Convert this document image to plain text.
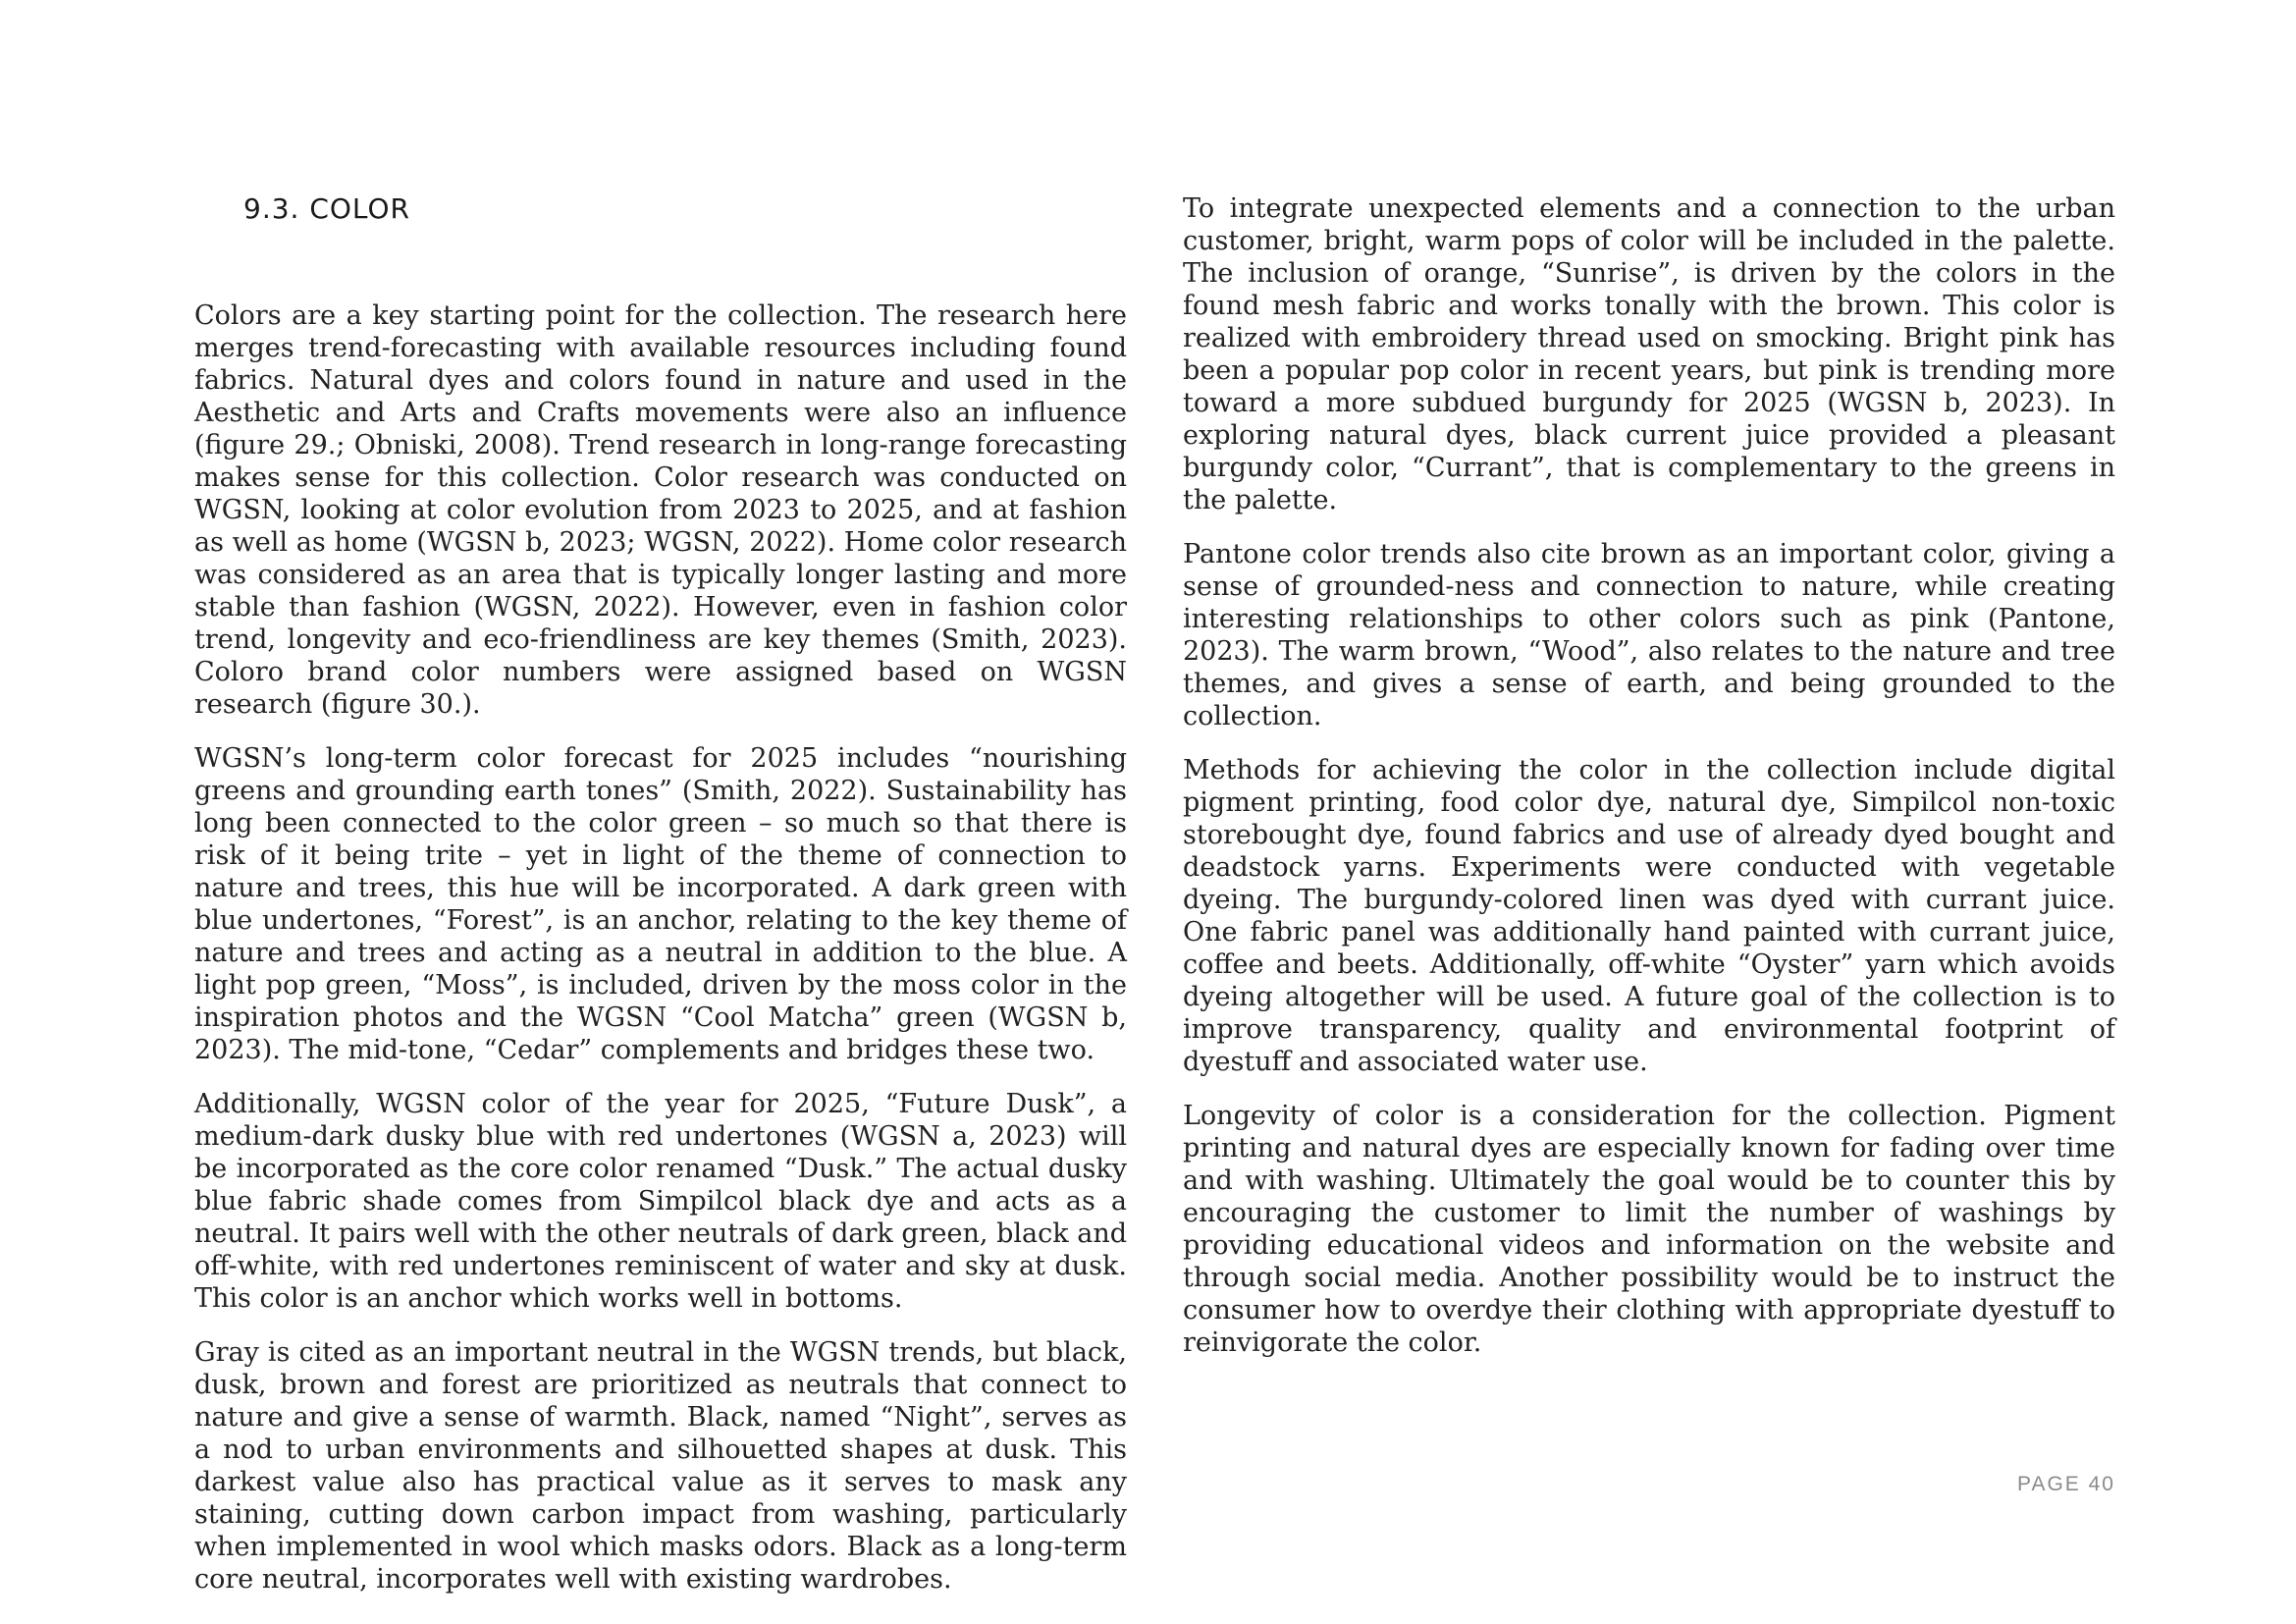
9.3. COLOR

Colors are a key starting point for the collection. The research here merges trend-forecasting with available resources including found fabrics. Natural dyes and colors found in nature and used in the Aesthetic and Arts and Crafts movements were also an influence (figure 29.; Obniski, 2008). Trend research in long-range forecasting makes sense for this collection. Color research was conducted on WGSN, looking at color evolution from 2023 to 2025, and at fashion as well as home (WGSN b, 2023; WGSN, 2022). Home color research was considered as an area that is typically longer lasting and more stable than fashion (WGSN, 2022). However, even in fashion color trend, longevity and eco-friendliness are key themes (Smith, 2023). Coloro brand color numbers were assigned based on WGSN research (figure 30.).

WGSN’s long-term color forecast for 2025 includes “nourishing greens and grounding earth tones” (Smith, 2022). Sustainability has long been connected to the color green – so much so that there is risk of it being trite – yet in light of the theme of connection to nature and trees, this hue will be incorporated. A dark green with blue undertones, “Forest”, is an anchor, relating to the key theme of nature and trees and acting as a neutral in addition to the blue. A light pop green, “Moss”, is included, driven by the moss color in the inspiration photos and the WGSN “Cool Matcha” green (WGSN b, 2023). The mid-tone, “Cedar” complements and bridges these two.

Additionally, WGSN color of the year for 2025, “Future Dusk”, a medium-dark dusky blue with red undertones (WGSN a, 2023) will be incorporated as the core color renamed “Dusk.” The actual dusky blue fabric shade comes from Simpilcol black dye and acts as a neutral. It pairs well with the other neutrals of dark green, black and off-white, with red undertones reminiscent of water and sky at dusk. This color is an anchor which works well in bottoms.

Gray is cited as an important neutral in the WGSN trends, but black, dusk, brown and forest are prioritized as neutrals that connect to nature and give a sense of warmth. Black, named “Night”, serves as a nod to urban environments and silhouetted shapes at dusk. This darkest value also has practical value as it serves to mask any staining, cutting down carbon impact from washing, particularly when implemented in wool which masks odors. Black as a long-term core neutral, incorporates well with existing wardrobes.

To integrate unexpected elements and a connection to the urban customer, bright, warm pops of color will be included in the palette. The inclusion of orange, “Sunrise”, is driven by the colors in the found mesh fabric and works tonally with the brown. This color is realized with embroidery thread used on smocking. Bright pink has been a popular pop color in recent years, but pink is trending more toward a more subdued burgundy for 2025 (WGSN b, 2023). In exploring natural dyes, black current juice provided a pleasant burgundy color, “Currant”, that is complementary to the greens in the palette.

Pantone color trends also cite brown as an important color, giving a sense of grounded-ness and connection to nature, while creating interesting relationships to other colors such as pink (Pantone, 2023). The warm brown, “Wood”, also relates to the nature and tree themes, and gives a sense of earth, and being grounded to the collection.

Methods for achieving the color in the collection include digital pigment printing, food color dye, natural dye, Simpilcol non-toxic storebought dye, found fabrics and use of already dyed bought and deadstock yarns. Experiments were conducted with vegetable dyeing. The burgundy-colored linen was dyed with currant juice. One fabric panel was additionally hand painted with currant juice, coffee and beets. Additionally, off-white “Oyster” yarn which avoids dyeing altogether will be used. A future goal of the collection is to improve transparency, quality and environmental footprint of dyestuff and associated water use.

Longevity of color is a consideration for the collection. Pigment printing and natural dyes are especially known for fading over time and with washing. Ultimately the goal would be to counter this by encouraging the customer to limit the number of washings by providing educational videos and information on the website and through social media. Another possibility would be to instruct the consumer how to overdye their clothing with appropriate dyestuff to reinvigorate the color.

PAGE 40
